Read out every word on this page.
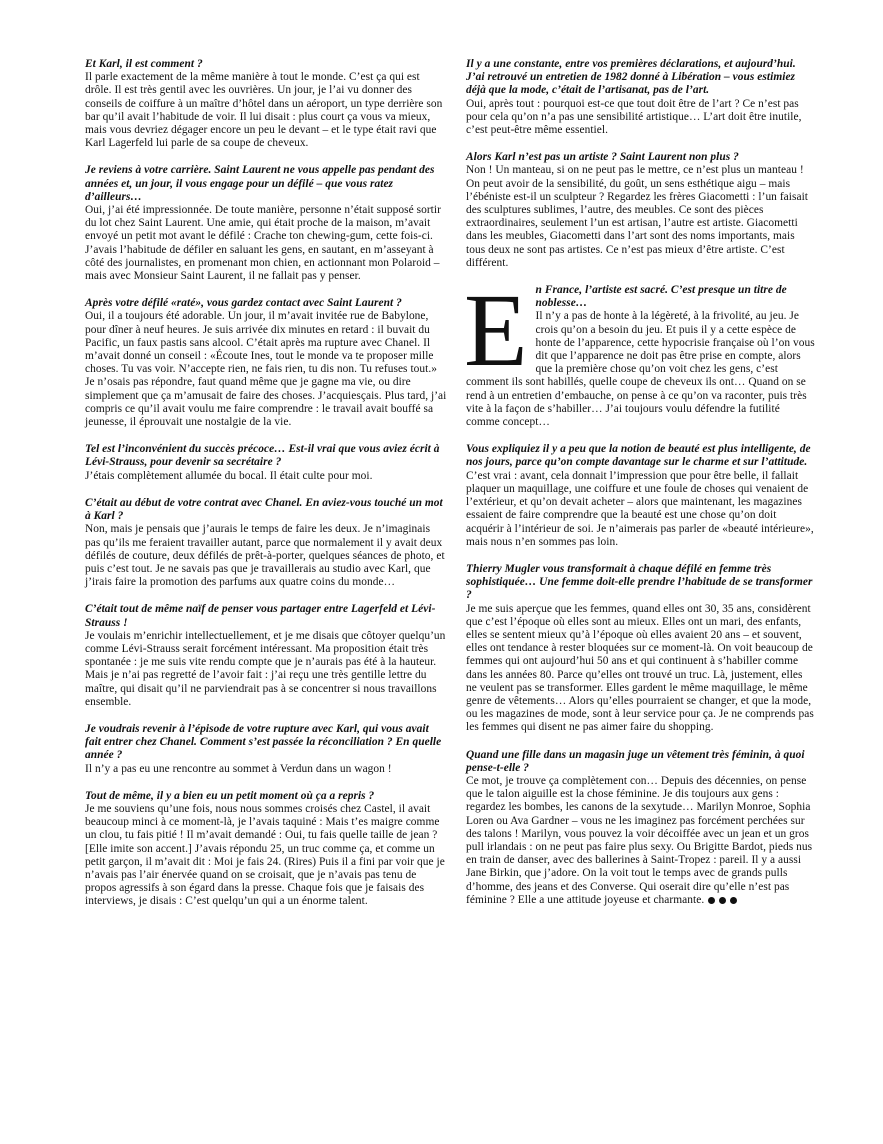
Et Karl, il est comment ?

Il parle exactement de la même manière à tout le monde. C’est ça qui est drôle. Il est très gentil avec les ouvrières. Un jour, je l’ai vu donner des conseils de coiffure à un maître d’hôtel dans un aéroport, un type derrière son bar qu’il avait l’habitude de voir. Il lui disait : plus court ça vous va mieux, mais vous devriez dégager encore un peu le devant – et le type était ravi que Karl Lagerfeld lui parle de sa coupe de cheveux.

Je reviens à votre carrière. Saint Laurent ne vous appelle pas pendant des années et, un jour, il vous engage pour un défilé – que vous ratez d’ailleurs…

Oui, j’ai été impressionnée. De toute manière, personne n’était supposé sortir du lot chez Saint Laurent. Une amie, qui était proche de la maison, m’avait envoyé un petit mot avant le défilé : Crache ton chewing-gum, cette fois-ci. J’avais l’habitude de défiler en saluant les gens, en sautant, en m’asseyant à côté des journalistes, en promenant mon chien, en actionnant mon Polaroid – mais avec Monsieur Saint Laurent, il ne fallait pas y penser.

Après votre défilé «raté», vous gardez contact avec Saint Laurent ?

Oui, il a toujours été adorable. Un jour, il m’avait invitée rue de Babylone, pour dîner à neuf heures. Je suis arrivée dix minutes en retard : il buvait du Pacific, un faux pastis sans alcool. C’était après ma rupture avec Chanel. Il m’avait donné un conseil : «Écoute Ines, tout le monde va te proposer mille choses. Tu vas voir. N’accepte rien, ne fais rien, tu dis non. Tu refuses tout.» Je n’osais pas répondre, faut quand même que je gagne ma vie, ou dire simplement que ça m’amusait de faire des choses. J’acquiesçais. Plus tard, j’ai compris ce qu’il avait voulu me faire comprendre : le travail avait bouffé sa jeunesse, il éprouvait une nostalgie de la vie.

Tel est l’inconvénient du succès précoce… Est-il vrai que vous aviez écrit à Lévi-Strauss, pour devenir sa secrétaire ?

J’étais complètement allumée du bocal. Il était culte pour moi.

C’était au début de votre contrat avec Chanel. En aviez-vous touché un mot à Karl ?

Non, mais je pensais que j’aurais le temps de faire les deux. Je n’imaginais pas qu’ils me feraient travailler autant, parce que normalement il y avait deux défilés de couture, deux défilés de prêt-à-porter, quelques séances de photo, et puis c’est tout. Je ne savais pas que je travaillerais au studio avec Karl, que j’irais faire la promotion des parfums aux quatre coins du monde…

C’était tout de même naïf de penser vous partager entre Lagerfeld et Lévi-Strauss !

Je voulais m’enrichir intellectuellement, et je me disais que côtoyer quelqu’un comme Lévi-Strauss serait forcément intéressant. Ma proposition était très spontanée : je me suis vite rendu compte que je n’aurais pas été à la hauteur. Mais je n’ai pas regretté de l’avoir fait : j’ai reçu une très gentille lettre du maître, qui disait qu’il ne parviendrait pas à se concentrer si nous travaillons ensemble.

Je voudrais revenir à l’épisode de votre rupture avec Karl, qui vous avait fait entrer chez Chanel. Comment s’est passée la réconciliation ? En quelle année ?

Il n’y a pas eu une rencontre au sommet à Verdun dans un wagon !

Tout de même, il y a bien eu un petit moment où ça a repris ?

Je me souviens qu’une fois, nous nous sommes croisés chez Castel, il avait beaucoup minci à ce moment-là, je l’avais taquiné : Mais t’es maigre comme un clou, tu fais pitié ! Il m’avait demandé : Oui, tu fais quelle taille de jean ? [Elle imite son accent.] J’avais répondu 25, un truc comme ça, et comme un petit garçon, il m’avait dit : Moi je fais 24. (Rires) Puis il a fini par voir que je n’avais pas l’air énervée quand on se croisait, que je n’avais pas tenu de propos agressifs à son égard dans la presse. Chaque fois que je faisais des interviews, je disais : C’est quelqu’un qui a un énorme talent.

Il y a une constante, entre vos premières déclarations, et aujourd’hui. J’ai retrouvé un entretien de 1982 donné à Libération – vous estimiez déjà que la mode, c’était de l’artisanat, pas de l’art.

Oui, après tout : pourquoi est-ce que tout doit être de l’art ? Ce n’est pas pour cela qu’on n’a pas une sensibilité artistique… L’art doit être inutile, c’est peut-être même essentiel.

Alors Karl n’est pas un artiste ? Saint Laurent non plus ?

Non ! Un manteau, si on ne peut pas le mettre, ce n’est plus un manteau ! On peut avoir de la sensibilité, du goût, un sens esthétique aigu – mais l’ébéniste est-il un sculpteur ? Regardez les frères Giacometti : l’un faisait des sculptures sublimes, l’autre, des meubles. Ce sont des pièces extraordinaires, seulement l’un est artisan, l’autre est artiste. Giacometti dans les meubles, Giacometti dans l’art sont des noms importants, mais tous deux ne sont pas artistes. Ce n’est pas mieux d’être artiste. C’est différent.

E n France, l’artiste est sacré. C’est presque un titre de noblesse…

Il n’y a pas de honte à la légèreté, à la frivolité, au jeu. Je crois qu’on a besoin du jeu. Et puis il y a cette espèce de honte de l’apparence, cette hypocrisie française où l’on vous dit que l’apparence ne doit pas être prise en compte, alors que la première chose qu’on voit chez les gens, c’est comment ils sont habillés, quelle coupe de cheveux ils ont… Quand on se rend à un entretien d’embauche, on pense à ce qu’on va raconter, puis très vite à la façon de s’habiller… J’ai toujours voulu défendre la futilité comme concept…

Vous expliquiez il y a peu que la notion de beauté est plus intelligente, de nos jours, parce qu’on compte davantage sur le charme et sur l’attitude.

C’est vrai : avant, cela donnait l’impression que pour être belle, il fallait plaquer un maquillage, une coiffure et une foule de choses qui venaient de l’extérieur, et qu’on devait acheter – alors que maintenant, les magazines essaient de faire comprendre que la beauté est une chose qu’on doit acquérir à l’intérieur de soi. Je n’aimerais pas parler de «beauté intérieure», mais nous n’en sommes pas loin.

Thierry Mugler vous transformait à chaque défilé en femme très sophistiquée… Une femme doit-elle prendre l’habitude de se transformer ?

Je me suis aperçue que les femmes, quand elles ont 30, 35 ans, considèrent que c’est l’époque où elles sont au mieux. Elles ont un mari, des enfants, elles se sentent mieux qu’à l’époque où elles avaient 20 ans – et souvent, elles ont tendance à rester bloquées sur ce moment-là. On voit beaucoup de femmes qui ont aujourd’hui 50 ans et qui continuent à s’habiller comme dans les années 80. Parce qu’elles ont trouvé un truc. Là, justement, elles ne veulent pas se transformer. Elles gardent le même maquillage, le même genre de vêtements… Alors qu’elles pourraient se changer, et que la mode, ou les magazines de mode, sont à leur service pour ça. Je ne comprends pas les femmes qui disent ne pas aimer faire du shopping.

Quand une fille dans un magasin juge un vêtement très féminin, à quoi pense-t-elle ?

Ce mot, je trouve ça complètement con… Depuis des décennies, on pense que le talon aiguille est la chose féminine. Je dis toujours aux gens : regardez les bombes, les canons de la sexytude… Marilyn Monroe, Sophia Loren ou Ava Gardner – vous ne les imaginez pas forcément perchées sur des talons ! Marilyn, vous pouvez la voir décoiffée avec un jean et un gros pull irlandais : on ne peut pas faire plus sexy. Ou Brigitte Bardot, pieds nus en train de danser, avec des ballerines à Saint-Tropez : pareil. Il y a aussi Jane Birkin, que j’adore. On la voit tout le temps avec de grands pulls d’homme, des jeans et des Converse. Qui oserait dire qu’elle n’est pas féminine ? Elle a une attitude joyeuse et charmante.
